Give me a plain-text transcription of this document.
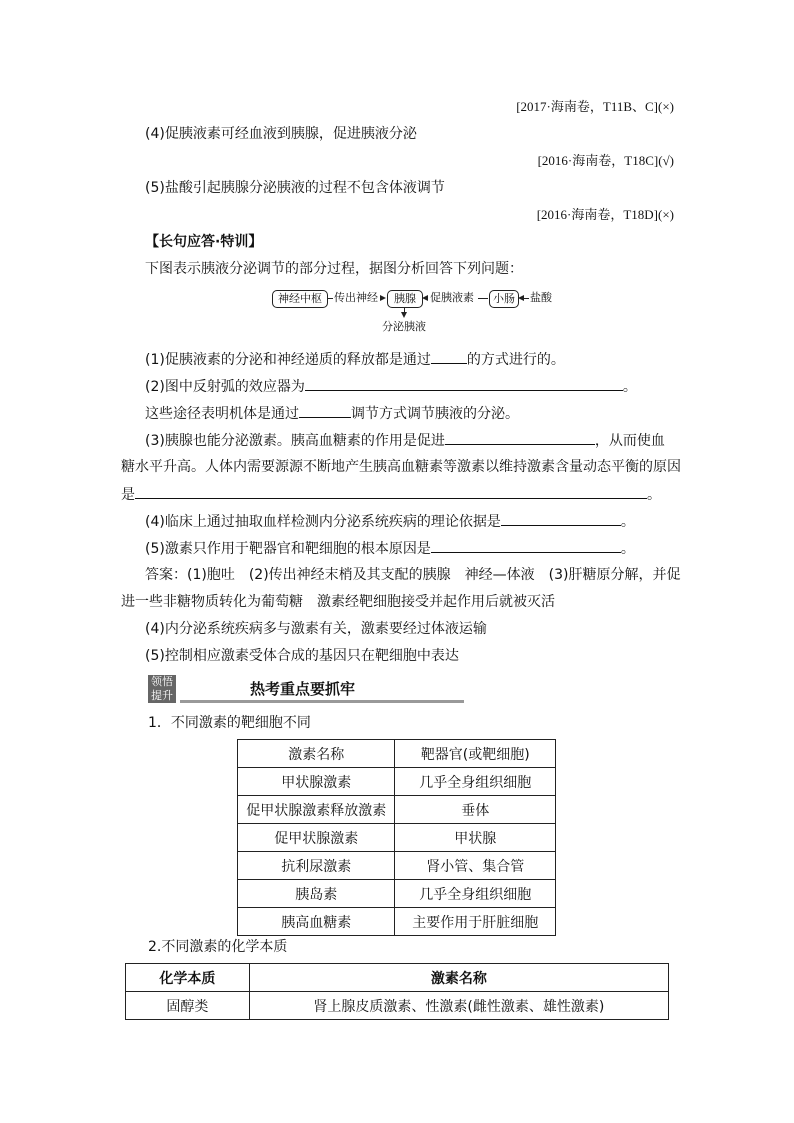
[2017·海南卷，T11B、C](×)
(4)促胰液素可经血液到胰腺，促进胰液分泌
[2016·海南卷，T18C](√)
(5)盐酸引起胰腺分泌胰液的过程不包含体液调节
[2016·海南卷，T18D](×)
【长句应答·特训】
下图表示胰液分泌调节的部分过程，据图分析回答下列问题：
神经中枢	传出神经	胰腺	促胰液素	小肠	盐酸
分泌胰液
(1)促胰液素的分泌和神经递质的释放都是通过	的方式进行的。
(2)图中反射弧的效应器为	。
这些途径表明机体是通过	调节方式调节胰液的分泌。
(3)胰腺也能分泌激素。胰高血糖素的作用是促进	，从而使血
糖水平升高。人体内需要源源不断地产生胰高血糖素等激素以维持激素含量动态平衡的原因
是	。
(4)临床上通过抽取血样检测内分泌系统疾病的理论依据是	。
(5)激素只作用于靶器官和靶细胞的根本原因是	。
答案：(1)胞吐　(2)传出神经末梢及其支配的胰腺　神经—体液　(3)肝糖原分解，并促
进一些非糖物质转化为葡萄糖　激素经靶细胞接受并起作用后就被灭活
(4)内分泌系统疾病多与激素有关，激素要经过体液运输
(5)控制相应激素受体合成的基因只在靶细胞中表达
领悟
提升	热考重点要抓牢
1．不同激素的靶细胞不同
激素名称	靶器官(或靶细胞)
甲状腺激素	几乎全身组织细胞
促甲状腺激素释放激素	垂体
促甲状腺激素	甲状腺
抗利尿激素	肾小管、集合管
胰岛素	几乎全身组织细胞
胰高血糖素	主要作用于肝脏细胞
2.不同激素的化学本质
化学本质	激素名称
固醇类	肾上腺皮质激素、性激素(雌性激素、雄性激素)
